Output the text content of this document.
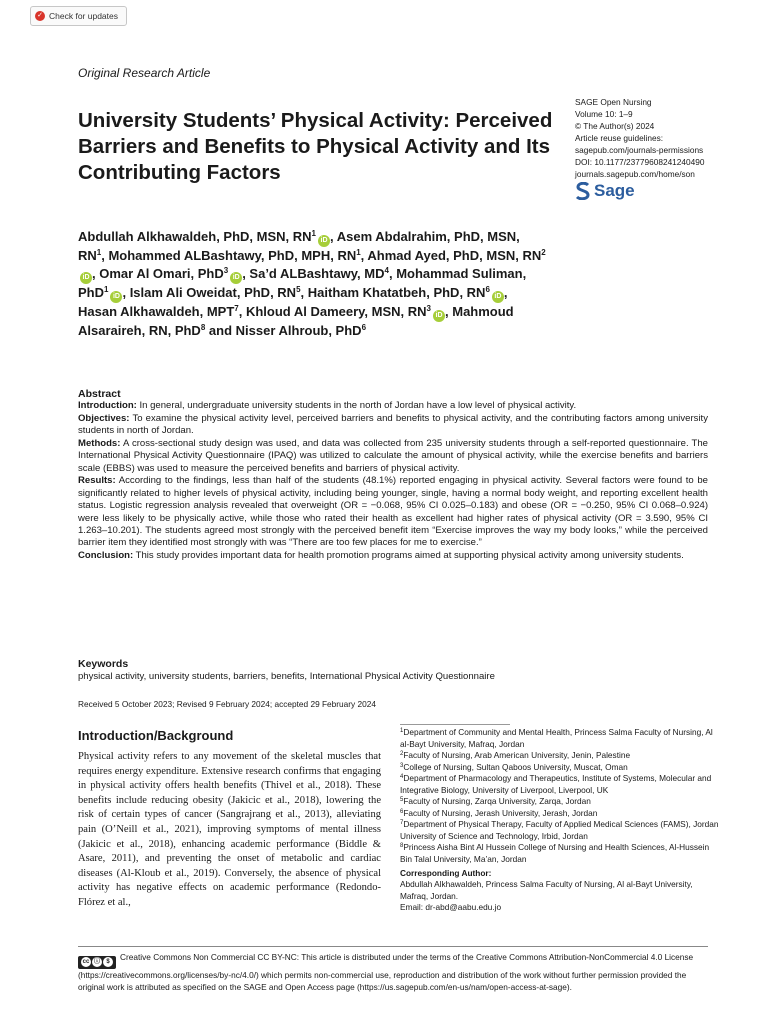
✓ Check for updates
Original Research Article
University Students’ Physical Activity: Perceived Barriers and Benefits to Physical Activity and Its Contributing Factors
SAGE Open Nursing
Volume 10: 1–9
© The Author(s) 2024
Article reuse guidelines:
sagepub.com/journals-permissions
DOI: 10.1177/23779608241240490
journals.sagepub.com/home/son
Sage
Abdullah Alkhawaldeh, PhD, MSN, $RN^1iD$ , Asem Abdalrahim, PhD, MSN, $RN^1$, Mohammed ALBashtawy, PhD, MPH, $RN^1$, Ahmad Ayed, PhD, MSN, $RN^2iD$ , Omar Al Omari, PhD$^3$iD , Sa’d ALBashtawy, $MD^4$, Mohammad Suliman, PhD$^1$iD , Islam Ali Oweidat, PhD, $RN^5$, Haitham Khatatbeh, PhD, $RN^6iD$ , Hasan Alkhawaldeh, MPT$^7$, Khloud Al Dameery, MSN, $RN^3iD$ , Mahmoud Alsaraireh, RN, PhD$^8$ and Nisser Alhroub, PhD$^6$
Abstract

Introduction: In general, undergraduate university students in the north of Jordan have a low level of physical activity.

Objectives: To examine the physical activity level, perceived barriers and benefits to physical activity, and the contributing factors among university students in north of Jordan.

Methods: A cross-sectional study design was used, and data was collected from 235 university students through a self-reported questionnaire. The International Physical Activity Questionnaire (IPAQ) was utilized to calculate the amount of physical activity, while the exercise benefits and barriers scale (EBBS) was used to measure the perceived benefits and barriers of physical activity.

Results: According to the findings, less than half of the students (48.1%) reported engaging in physical activity. Several factors were found to be significantly related to higher levels of physical activity, including being younger, single, having a normal body weight, and reporting excellent health status. Logistic regression analysis revealed that overweight (OR = −0.068, 95% CI 0.025–0.183) and obese (OR = −0.250, 95% CI 0.068–0.924) were less likely to be physically active, while those who rated their health as excellent had higher rates of physical activity (OR = 3.590, 95% CI 1.263–10.201). The students agreed most strongly with the perceived benefit item “Exercise improves the way my body looks,” while the perceived barrier item they identified most strongly with was “There are too few places for me to exercise.”

Conclusion: This study provides important data for health promotion programs aimed at supporting physical activity among university students.

Keywords
physical activity, university students, barriers, benefits, International Physical Activity Questionnaire
Received 5 October 2023; Revised 9 February 2024; accepted 29 February 2024
Introduction/Background

Physical activity refers to any movement of the skeletal muscles that requires energy expenditure. Extensive research confirms that engaging in physical activity offers health benefits (Thivel et al., 2018). These benefits include reducing obesity (Jakicic et al., 2018), lowering the risk of certain types of cancer (Sangrajrang et al., 2013), alleviating pain (O’Neill et al., 2021), improving symptoms of mental illness (Jakicic et al., 2018), enhancing academic performance (Biddle & Asare, 2011), and preventing the onset of metabolic and cardiac diseases (Al-Kloub et al., 2019). Conversely, the absence of physical activity has negative effects on academic performance (Redondo-Flórez et al.,

$^1$Department of Community and Mental Health, Princess Salma Faculty of Nursing, Al al-Bayt University, Mafraq, Jordan
$^2$Faculty of Nursing, Arab American University, Jenin, Palestine
$^3$College of Nursing, Sultan Qaboos University, Muscat, Oman
$^4$Department of Pharmacology and Therapeutics, Institute of Systems, Molecular and Integrative Biology, University of Liverpool, Liverpool, UK
$^5$Faculty of Nursing, Zarqa University, Zarqa, Jordan
$^6$Faculty of Nursing, Jerash University, Jerash, Jordan
$^7$Department of Physical Therapy, Faculty of Applied Medical Sciences (FAMS), Jordan University of Science and Technology, Irbid, Jordan
$^8$Princess Aisha Bint Al Hussein College of Nursing and Health Sciences, Al-Hussein Bin Talal University, Ma’an, Jordan
Corresponding Author:
Abdullah Alkhawaldeh, Princess Salma Faculty of Nursing, Al al-Bayt University, Mafraq, Jordan.
Email: dr-abd@aabu.edu.jo
cc ⓘ	$	Creative Commons Non Commercial CC BY-NC: This article is distributed under the terms of the Creative Commons Attribution-NonCommercial 4.0 License (https://creativecommons.org/licenses/by-nc/4.0/) which permits non-commercial use, reproduction and distribution of the work without further permission provided the original work is attributed as specified on the SAGE and Open Access page (https://us.sagepub.com/en-us/nam/open-access-at-sage).
